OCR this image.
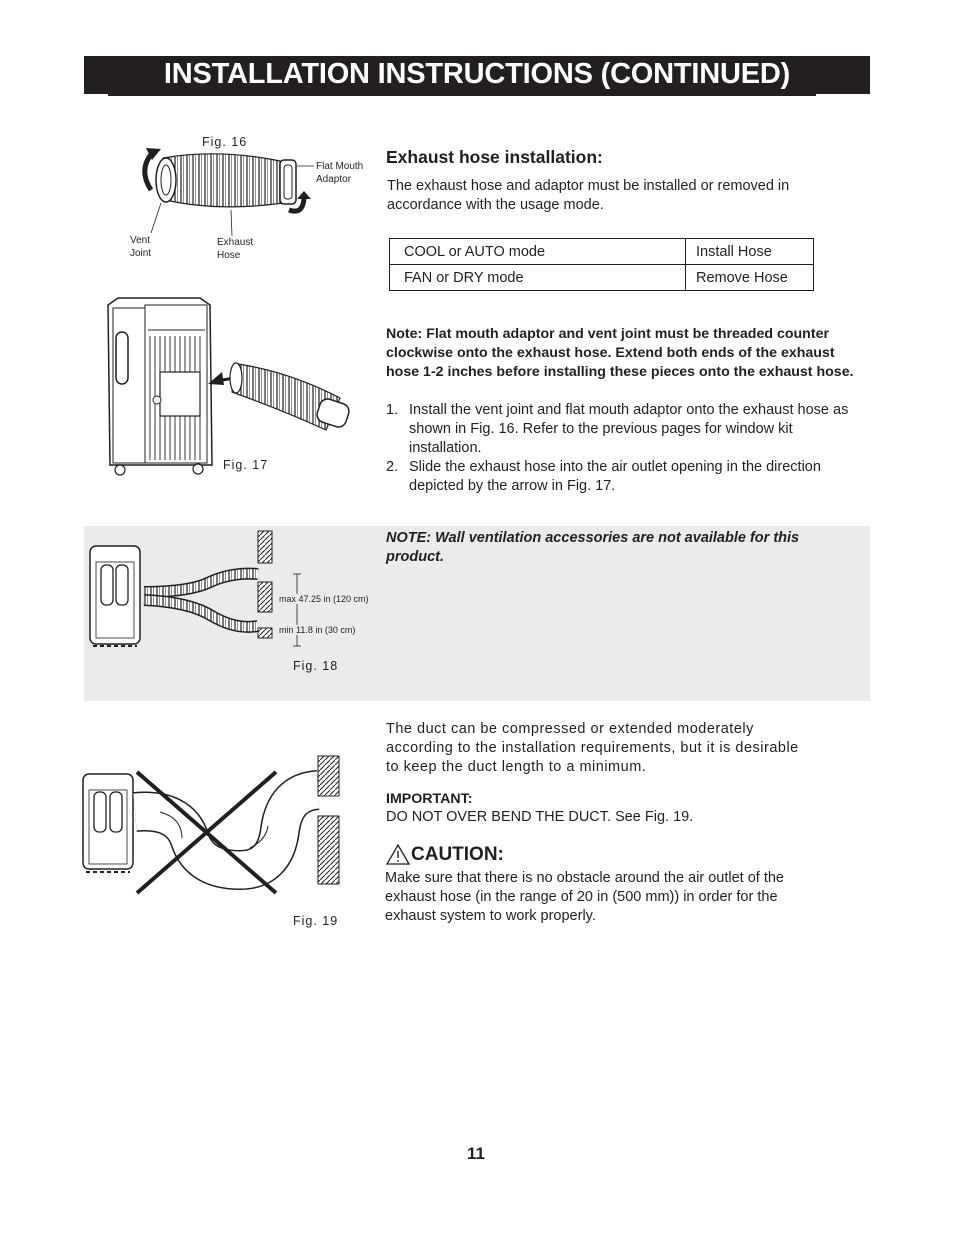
INSTALLATION INSTRUCTIONS (CONTINUED)
Fig. 16
Flat Mouth
Adaptor
Vent
Joint
Exhaust
Hose
Exhaust hose installation:
The exhaust hose and adaptor must be installed or removed in accordance with the usage mode.
COOL or AUTO mode	Install Hose
FAN or DRY mode	Remove Hose
Fig. 17
Note: Flat mouth adaptor and vent joint must be threaded counter clockwise onto the exhaust hose. Extend both ends of the exhaust hose 1-2 inches before installing these pieces onto the exhaust hose.
1. Install the vent joint and flat mouth adaptor onto the exhaust hose as shown in Fig. 16. Refer to the previous pages for window kit installation.
2. Slide the exhaust hose into the air outlet opening in the direction depicted by the arrow in Fig. 17.
max 47.25 in (120 cm)
min 11.8 in (30 cm)
Fig. 18
NOTE: Wall ventilation accessories are not available for this product.
The duct can be compressed or extended moderately according to the installation requirements, but it is desirable to keep the duct length to a minimum.
IMPORTANT:
DO NOT OVER BEND THE DUCT. See Fig. 19.
CAUTION:
Make sure that there is no obstacle around the air outlet of the exhaust hose (in the range of 20 in (500 mm)) in order for the exhaust system to work properly.
Fig. 19
11
